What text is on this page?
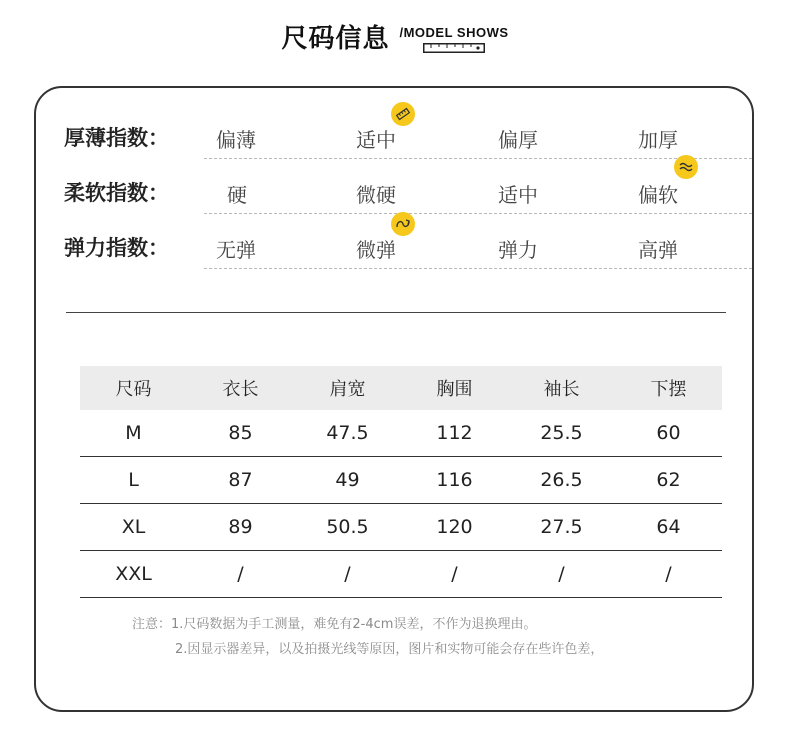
尺码信息 /MODEL SHOWS
厚薄指数： 偏薄	适中	偏厚	加厚
柔软指数：	硬	微硬	适中	偏软
弹力指数： 无弹	微弹	弹力	高弹
尺码	衣长	肩宽	胸围	袖长	下摆
M	85	47.5	112	25.5	60
L	87	49	116	26.5	62
XL	89	50.5	120	27.5	64
XXL	/	/	/	/	/
注意：1.尺码数据为手工测量，难免有2-4cm误差，不作为退换理由。
2.因显示器差异，以及拍摄光线等原因，图片和实物可能会存在些许色差，
